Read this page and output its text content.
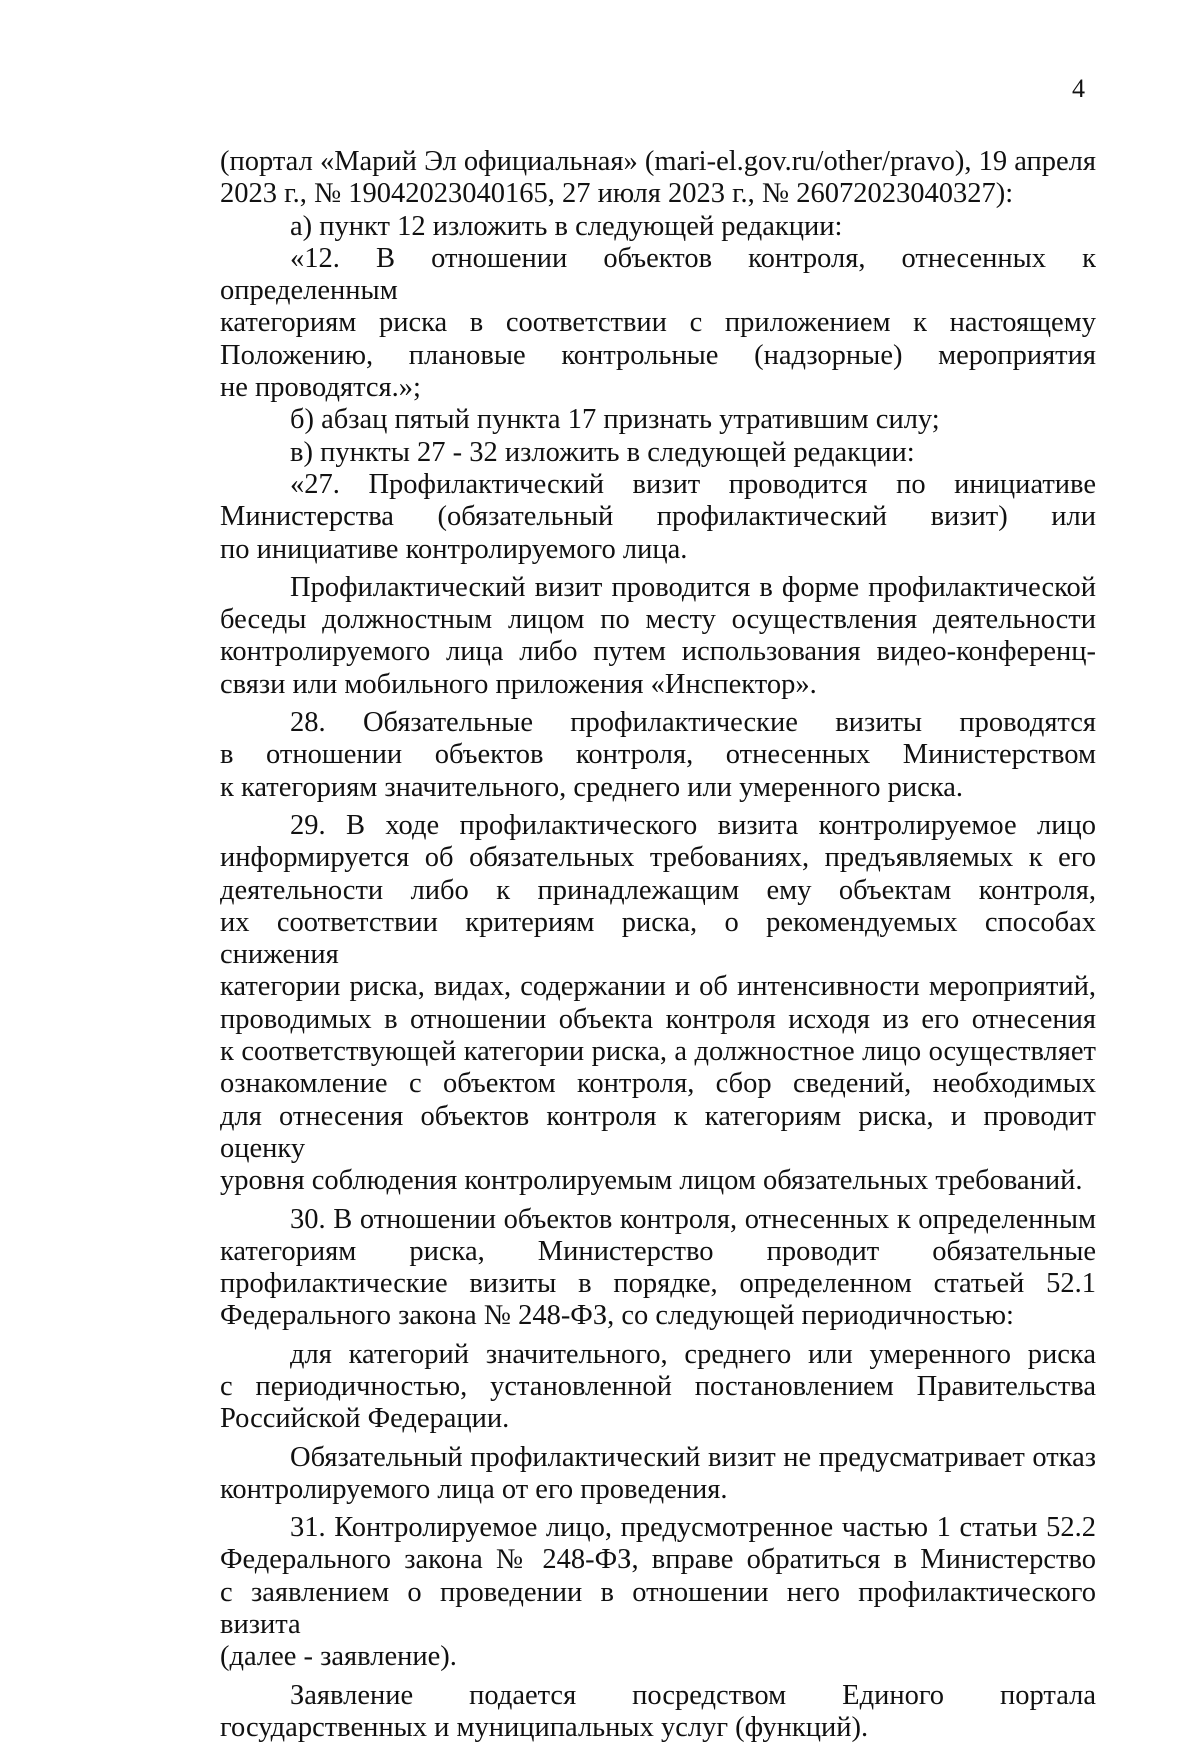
4
(портал «Марий Эл официальная» (mari-el.gov.ru/other/pravo), 19 апреля
2023 г., № 19042023040165, 27 июля 2023 г., № 26072023040327):
а) пункт 12 изложить в следующей редакции:
«12. В отношении объектов контроля, отнесенных к определенным
категориям риска в соответствии с приложением к настоящему
Положению, плановые контрольные (надзорные) мероприятия
не проводятся.»;
б) абзац пятый пункта 17 признать утратившим силу;
в) пункты 27 - 32 изложить в следующей редакции:
«27. Профилактический визит проводится по инициативе
Министерства (обязательный профилактический визит) или
по инициативе контролируемого лица.
Профилактический визит проводится в форме профилактической
беседы должностным лицом по месту осуществления деятельности
контролируемого лица либо путем использования видео-конференц-
связи или мобильного приложения «Инспектор».
28. Обязательные профилактические визиты проводятся
в отношении объектов контроля, отнесенных Министерством
к категориям значительного, среднего или умеренного риска.
29. В ходе профилактического визита контролируемое лицо
информируется об обязательных требованиях, предъявляемых к его
деятельности либо к принадлежащим ему объектам контроля,
их соответствии критериям риска, о рекомендуемых способах снижения
категории риска, видах, содержании и об интенсивности мероприятий,
проводимых в отношении объекта контроля исходя из его отнесения
к соответствующей категории риска, а должностное лицо осуществляет
ознакомление с объектом контроля, сбор сведений, необходимых
для отнесения объектов контроля к категориям риска, и проводит оценку
уровня соблюдения контролируемым лицом обязательных требований.
30. В отношении объектов контроля, отнесенных к определенным
категориям риска, Министерство проводит обязательные
профилактические визиты в порядке, определенном статьей 52.1
Федерального закона № 248-ФЗ, со следующей периодичностью:
для категорий значительного, среднего или умеренного риска
с периодичностью, установленной постановлением Правительства
Российской Федерации.
Обязательный профилактический визит не предусматривает отказ
контролируемого лица от его проведения.
31. Контролируемое лицо, предусмотренное частью 1 статьи 52.2
Федерального закона № 248-ФЗ, вправе обратиться в Министерство
с заявлением о проведении в отношении него профилактического визита
(далее - заявление).
Заявление подается посредством Единого портала
государственных и муниципальных услуг (функций).
